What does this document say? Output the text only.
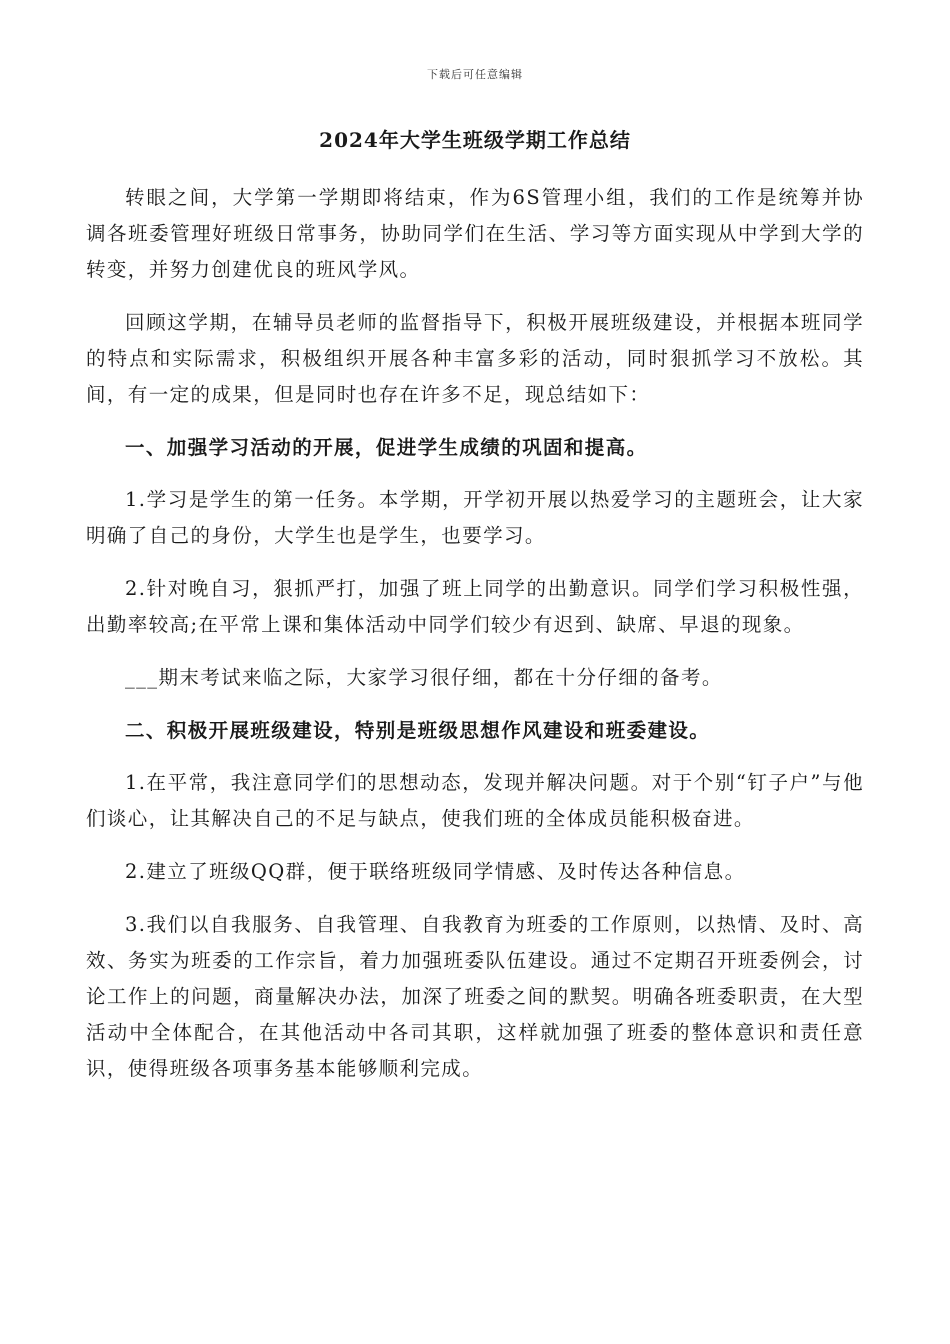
下载后可任意编辑
2024年大学生班级学期工作总结

转眼之间，大学第一学期即将结束，作为6S管理小组，我们的工作是统筹并协调各班委管理好班级日常事务，协助同学们在生活、学习等方面实现从中学到大学的转变，并努力创建优良的班风学风。

回顾这学期，在辅导员老师的监督指导下，积极开展班级建设，并根据本班同学的特点和实际需求，积极组织开展各种丰富多彩的活动，同时狠抓学习不放松。其间，有一定的成果，但是同时也存在许多不足，现总结如下：

一、加强学习活动的开展，促进学生成绩的巩固和提高。

1.学习是学生的第一任务。本学期，开学初开展以热爱学习的主题班会，让大家明确了自己的身份，大学生也是学生，也要学习。

2.针对晚自习，狠抓严打，加强了班上同学的出勤意识。同学们学习积极性强，出勤率较高;在平常上课和集体活动中同学们较少有迟到、缺席、早退的现象。

___期末考试来临之际，大家学习很仔细，都在十分仔细的备考。

二、积极开展班级建设，特别是班级思想作风建设和班委建设。

1.在平常，我注意同学们的思想动态，发现并解决问题。对于个别“钉子户”与他们谈心，让其解决自己的不足与缺点，使我们班的全体成员能积极奋进。

2.建立了班级QQ群，便于联络班级同学情感、及时传达各种信息。

3.我们以自我服务、自我管理、自我教育为班委的工作原则，以热情、及时、高效、务实为班委的工作宗旨，着力加强班委队伍建设。通过不定期召开班委例会，讨论工作上的问题，商量解决办法，加深了班委之间的默契。明确各班委职责，在大型活动中全体配合，在其他活动中各司其职，这样就加强了班委的整体意识和责任意识，使得班级各项事务基本能够顺利完成。
